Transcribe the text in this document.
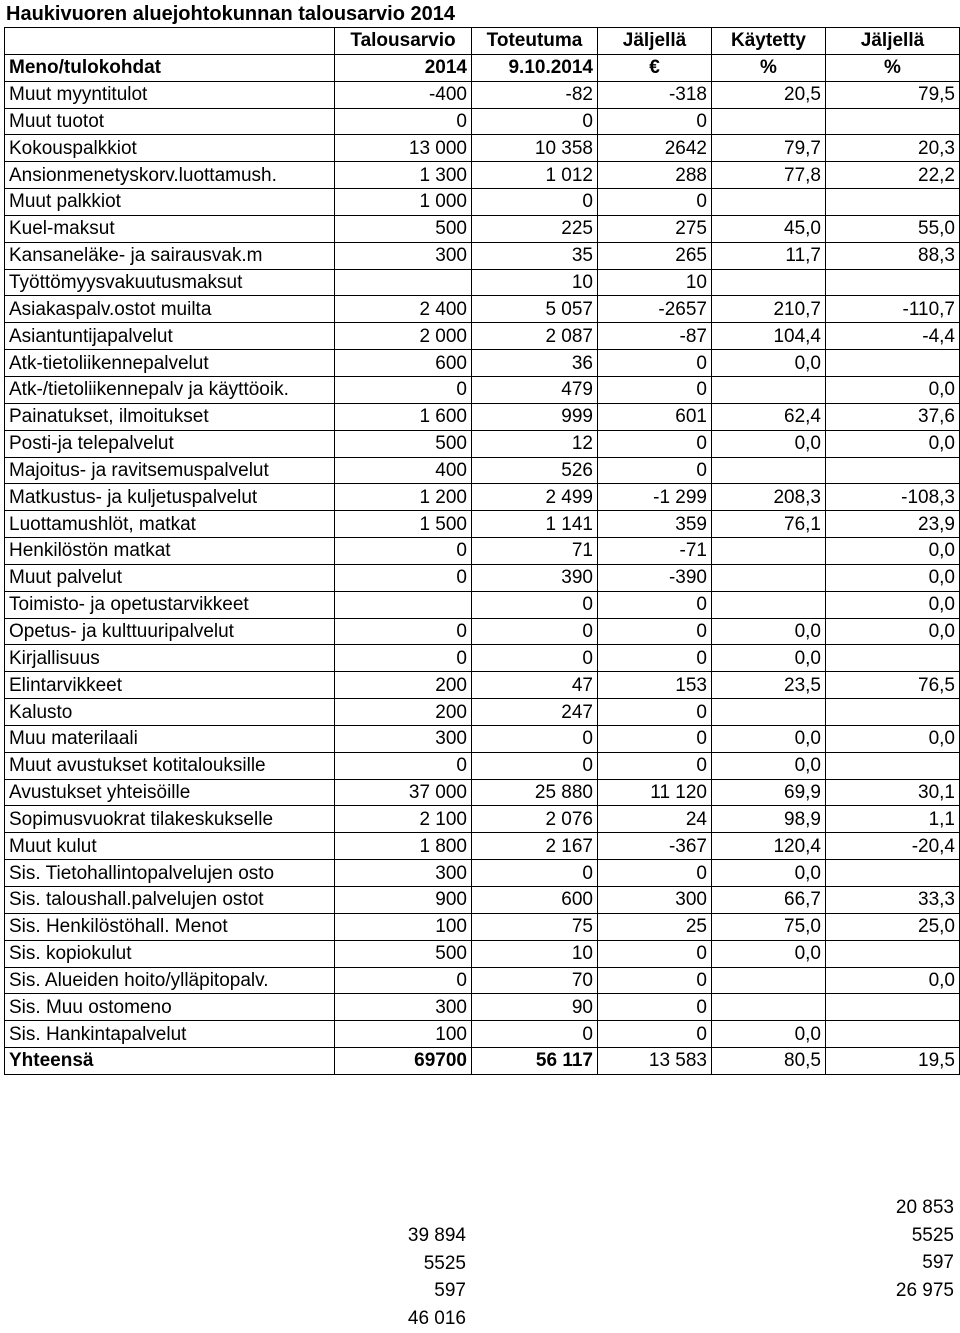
Haukivuoren aluejohtokunnan talousarvio 2014
	Talousarvio	Toteutuma	Jäljellä	Käytetty	Jäljellä
Meno/tulokohdat	2014	9.10.2014	€	%	%
Muut myyntitulot	-400	-82	-318	20,5	79,5
Muut tuotot	0	0	0		
Kokouspalkkiot	13 000	10 358	2642	79,7	20,3
Ansionmenetyskorv.luottamush.	1 300	1 012	288	77,8	22,2
Muut palkkiot	1 000	0	0		
Kuel-maksut	500	225	275	45,0	55,0
Kansaneläke- ja sairausvak.m	300	35	265	11,7	88,3
Työttömyysvakuutusmaksut		10	10		
Asiakaspalv.ostot muilta	2 400	5 057	-2657	210,7	-110,7
Asiantuntijapalvelut	2 000	2 087	-87	104,4	-4,4
Atk-tietoliikennepalvelut	600	36	0	0,0	
Atk-/tietoliikennepalv ja käyttöoik.	0	479	0		0,0
Painatukset, ilmoitukset	1 600	999	601	62,4	37,6
Posti-ja telepalvelut	500	12	0	0,0	0,0
Majoitus- ja ravitsemuspalvelut	400	526	0		
Matkustus- ja kuljetuspalvelut	1 200	2 499	-1 299	208,3	-108,3
Luottamushlöt, matkat	1 500	1 141	359	76,1	23,9
Henkilöstön matkat	0	71	-71		0,0
Muut palvelut	0	390	-390		0,0
Toimisto- ja opetustarvikkeet		0	0		0,0
Opetus- ja kulttuuripalvelut	0	0	0	0,0	0,0
Kirjallisuus	0	0	0	0,0	
Elintarvikkeet	200	47	153	23,5	76,5
Kalusto	200	247	0		
Muu materilaali	300	0	0	0,0	0,0
Muut avustukset kotitalouksille	0	0	0	0,0	
Avustukset yhteisöille	37 000	25 880	11 120	69,9	30,1
Sopimusvuokrat tilakeskukselle	2 100	2 076	24	98,9	1,1
Muut kulut	1 800	2 167	-367	120,4	-20,4
Sis. Tietohallintopalvelujen osto	300	0	0	0,0	
Sis. taloushall.palvelujen ostot	900	600	300	66,7	33,3
Sis. Henkilöstöhall. Menot	100	75	25	75,0	25,0
Sis. kopiokulut	500	10	0	0,0	
Sis. Alueiden hoito/ylläpitopalv.	0	70	0		0,0
Sis. Muu ostomeno	300	90	0		
Sis. Hankintapalvelut	100	0	0	0,0	
Yhteensä	69700	56 117	13 583	80,5	19,5
39 894
5525
597
46 016
20 853
5525
597
26 975
